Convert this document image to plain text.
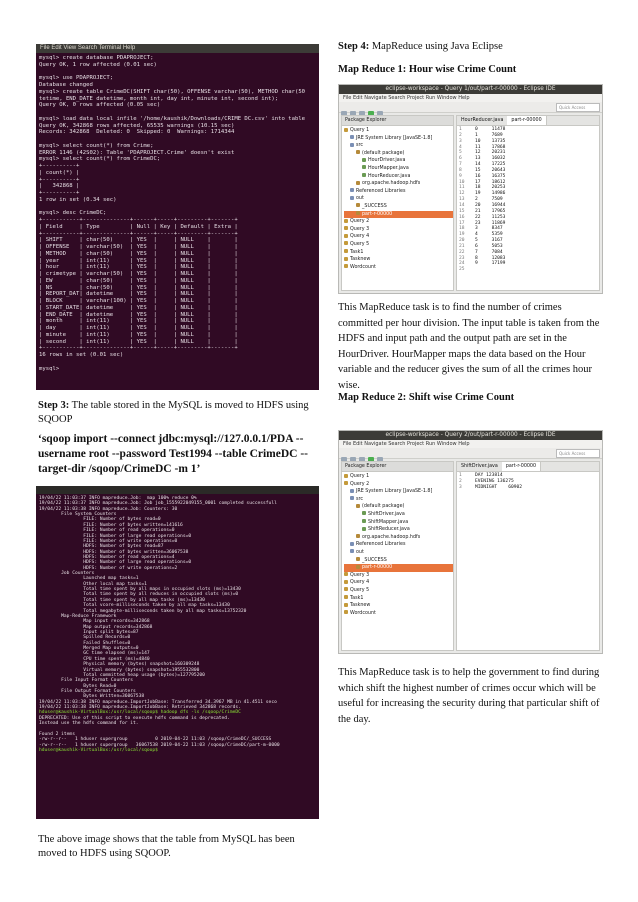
File Edit View Search Terminal Help
mysql> create database PDAPROJECT;
Query OK, 1 row affected (0.01 sec)

mysql> use PDAPROJECT;
Database changed
mysql> create table CrimeDC(SHIFT char(50), OFFENSE varchar(50), METHOD char(50
tetime, END_DATE datetime, month int, day int, minute int, second int);
Query OK, 0 rows affected (0.05 sec)

mysql> load data local infile '/home/kaushik/Downloads/CRIME DC.csv' into table
Query OK, 342868 rows affected, 65535 warnings (10.15 sec)
Records: 342868  Deleted: 0  Skipped: 0  Warnings: 1714344

mysql> select count(*) from Crime;
ERROR 1146 (42S02): Table 'PDAPROJECT.Crime' doesn't exist
mysql> select count(*) from CrimeDC;
+----------+
| count(*) |
+----------+
|   342868 |
+----------+
1 row in set (0.34 sec)

mysql> desc CrimeDC;
+-----------+--------------+------+-----+---------+-------+
| Field     | Type         | Null | Key | Default | Extra |
+-----------+--------------+------+-----+---------+-------+
| SHIFT     | char(50)     | YES  |     | NULL    |       |
| OFFENSE   | varchar(50)  | YES  |     | NULL    |       |
| METHOD    | char(50)     | YES  |     | NULL    |       |
| year      | int(11)      | YES  |     | NULL    |       |
| hour      | int(11)      | YES  |     | NULL    |       |
| crimetype | varchar(50)  | YES  |     | NULL    |       |
| EW        | char(50)     | YES  |     | NULL    |       |
| NS        | char(50)     | YES  |     | NULL    |       |
| REPORT_DAT| datetime     | YES  |     | NULL    |       |
| BLOCK     | varchar(100) | YES  |     | NULL    |       |
| START_DATE| datetime     | YES  |     | NULL    |       |
| END_DATE  | datetime     | YES  |     | NULL    |       |
| month     | int(11)      | YES  |     | NULL    |       |
| day       | int(11)      | YES  |     | NULL    |       |
| minute    | int(11)      | YES  |     | NULL    |       |
| second    | int(11)      | YES  |     | NULL    |       |
+-----------+--------------+------+-----+---------+-------+
16 rows in set (0.01 sec)

mysql>
Step 3: The table stored in the MySQL is moved to HDFS using SQOOP
‘sqoop import --connect jdbc:mysql://127.0.0.1/PDA --username root --password Test1994 --table CrimeDC --target-dir /sqoop/CrimeDC -m 1’
19/04/22 11:03:37 INFO mapreduce.Job:  map 100% reduce 0%
19/04/22 11:03:37 INFO mapreduce.Job: Job job_1555922049155_0001 completed successfull
19/04/22 11:03:38 INFO mapreduce.Job: Counters: 30
File System Counters
FILE: Number of bytes read=0
FILE: Number of bytes written=141616
FILE: Number of read operations=0
FILE: Number of large read operations=0
FILE: Number of write operations=0
HDFS: Number of bytes read=87
HDFS: Number of bytes written=36067538
HDFS: Number of read operations=4
HDFS: Number of large read operations=0
HDFS: Number of write operations=2
Job Counters
Launched map tasks=1
Other local map tasks=1
Total time spent by all maps in occupied slots (ms)=13430
Total time spent by all reduces in occupied slots (ms)=0
Total time spent by all map tasks (ms)=13430
Total vcore-milliseconds taken by all map tasks=13430
Total megabyte-milliseconds taken by all map tasks=13752320
Map-Reduce Framework
Map input records=342868
Map output records=342868
Input split bytes=87
Spilled Records=0
Failed Shuffles=0
Merged Map outputs=0
GC time elapsed (ms)=147
CPU time spent (ms)=4840
Physical memory (bytes) snapshot=160309248
Virtual memory (bytes) snapshot=1955532800
Total committed heap usage (bytes)=127795200
File Input Format Counters
Bytes Read=0
File Output Format Counters
Bytes Written=36067538
19/04/22 11:03:38 INFO mapreduce.ImportJobBase: Transferred 34.3967 MB in 41.4511 seco
19/04/22 11:03:38 INFO mapreduce.ImportJobBase: Retrieved 342868 records.
hduser@kaushik-VirtualBox:/usr/local/sqoop$ hadoop dfs -ls /sqoop/CrimeDC
DEPRECATED: Use of this script to execute hdfs command is deprecated.
Instead use the hdfs command for it.

Found 2 items
-rw-r--r--   1 hduser supergroup          0 2019-04-22 11:03 /sqoop/CrimeDC/_SUCCESS
-rw-r--r--   1 hduser supergroup   36067538 2019-04-22 11:03 /sqoop/CrimeDC/part-m-0000
hduser@kaushik-VirtualBox:/usr/local/sqoop$
The above image shows that the table from MySQL has been moved to HDFS using SQOOP.
Step 4: MapReduce using Java Eclipse
Map Reduce 1: Hour wise Crime Count
eclipse-workspace - Query 1/out/part-r-00000 - Eclipse IDE
File Edit Navigate Search Project Run Window Help
Quick Access
Package Explorer
Query 1
JRE System Library [JavaSE-1.8]
src
(default package)
HourDriver.java
HourMapper.java
HourReducer.java
org.apache.hadoop.hdfs
Referenced Libraries
out
_SUCCESS
part-r-00000
Query 2
Query 3
Query 4
Query 5
Task1
Tasknew
Wordcount
HourReducer.java part-r-00000
1	0     11478
2	1     7689
3	10    13735
4	11    17868
5	12    20231
6	13    16032
7	14    17225
8	15    20643
9	16    16375
10 17    18612
11 18    20253
12 19    14986
13 2     7509
14 20    16944
15 21    17965
16 22    11253
17 23    11869
18 3     8347
19 4     5359
20 5     3167
21 6     5053
22 7     7084
23 8     12083
24 9     17199
25
This MapReduce task is to find the number of crimes committed per hour division. The input table is taken from the HDFS and input path and the output path are set in the HourDriver. HourMapper maps the data based on the Hour variable and the reducer gives the sum of all the crimes hour wise.
Map Reduce 2: Shift wise Crime Count
eclipse-workspace - Query 2/out/part-r-00000 - Eclipse IDE
File Edit Navigate Search Project Run Window Help
Quick Access
Package Explorer
Query 1
Query 2
JRE System Library [JavaSE-1.8]
src
(default package)
ShiftDriver.java
ShiftMapper.java
ShiftReducer.java
org.apache.hadoop.hdfs
Referenced Libraries
out
_SUCCESS
part-r-00000
Query 3
Query 4
Query 5
Task1
Tasknew
Wordcount
ShiftDriver.java part-r-00000
1	DAY 123814
2	EVENING 136275
3	MIDNIGHT    60902
This MapReduce task is to help the government to find during which shift the highest number of crimes occur which will be useful for increasing the security during that particular shift of the day.
